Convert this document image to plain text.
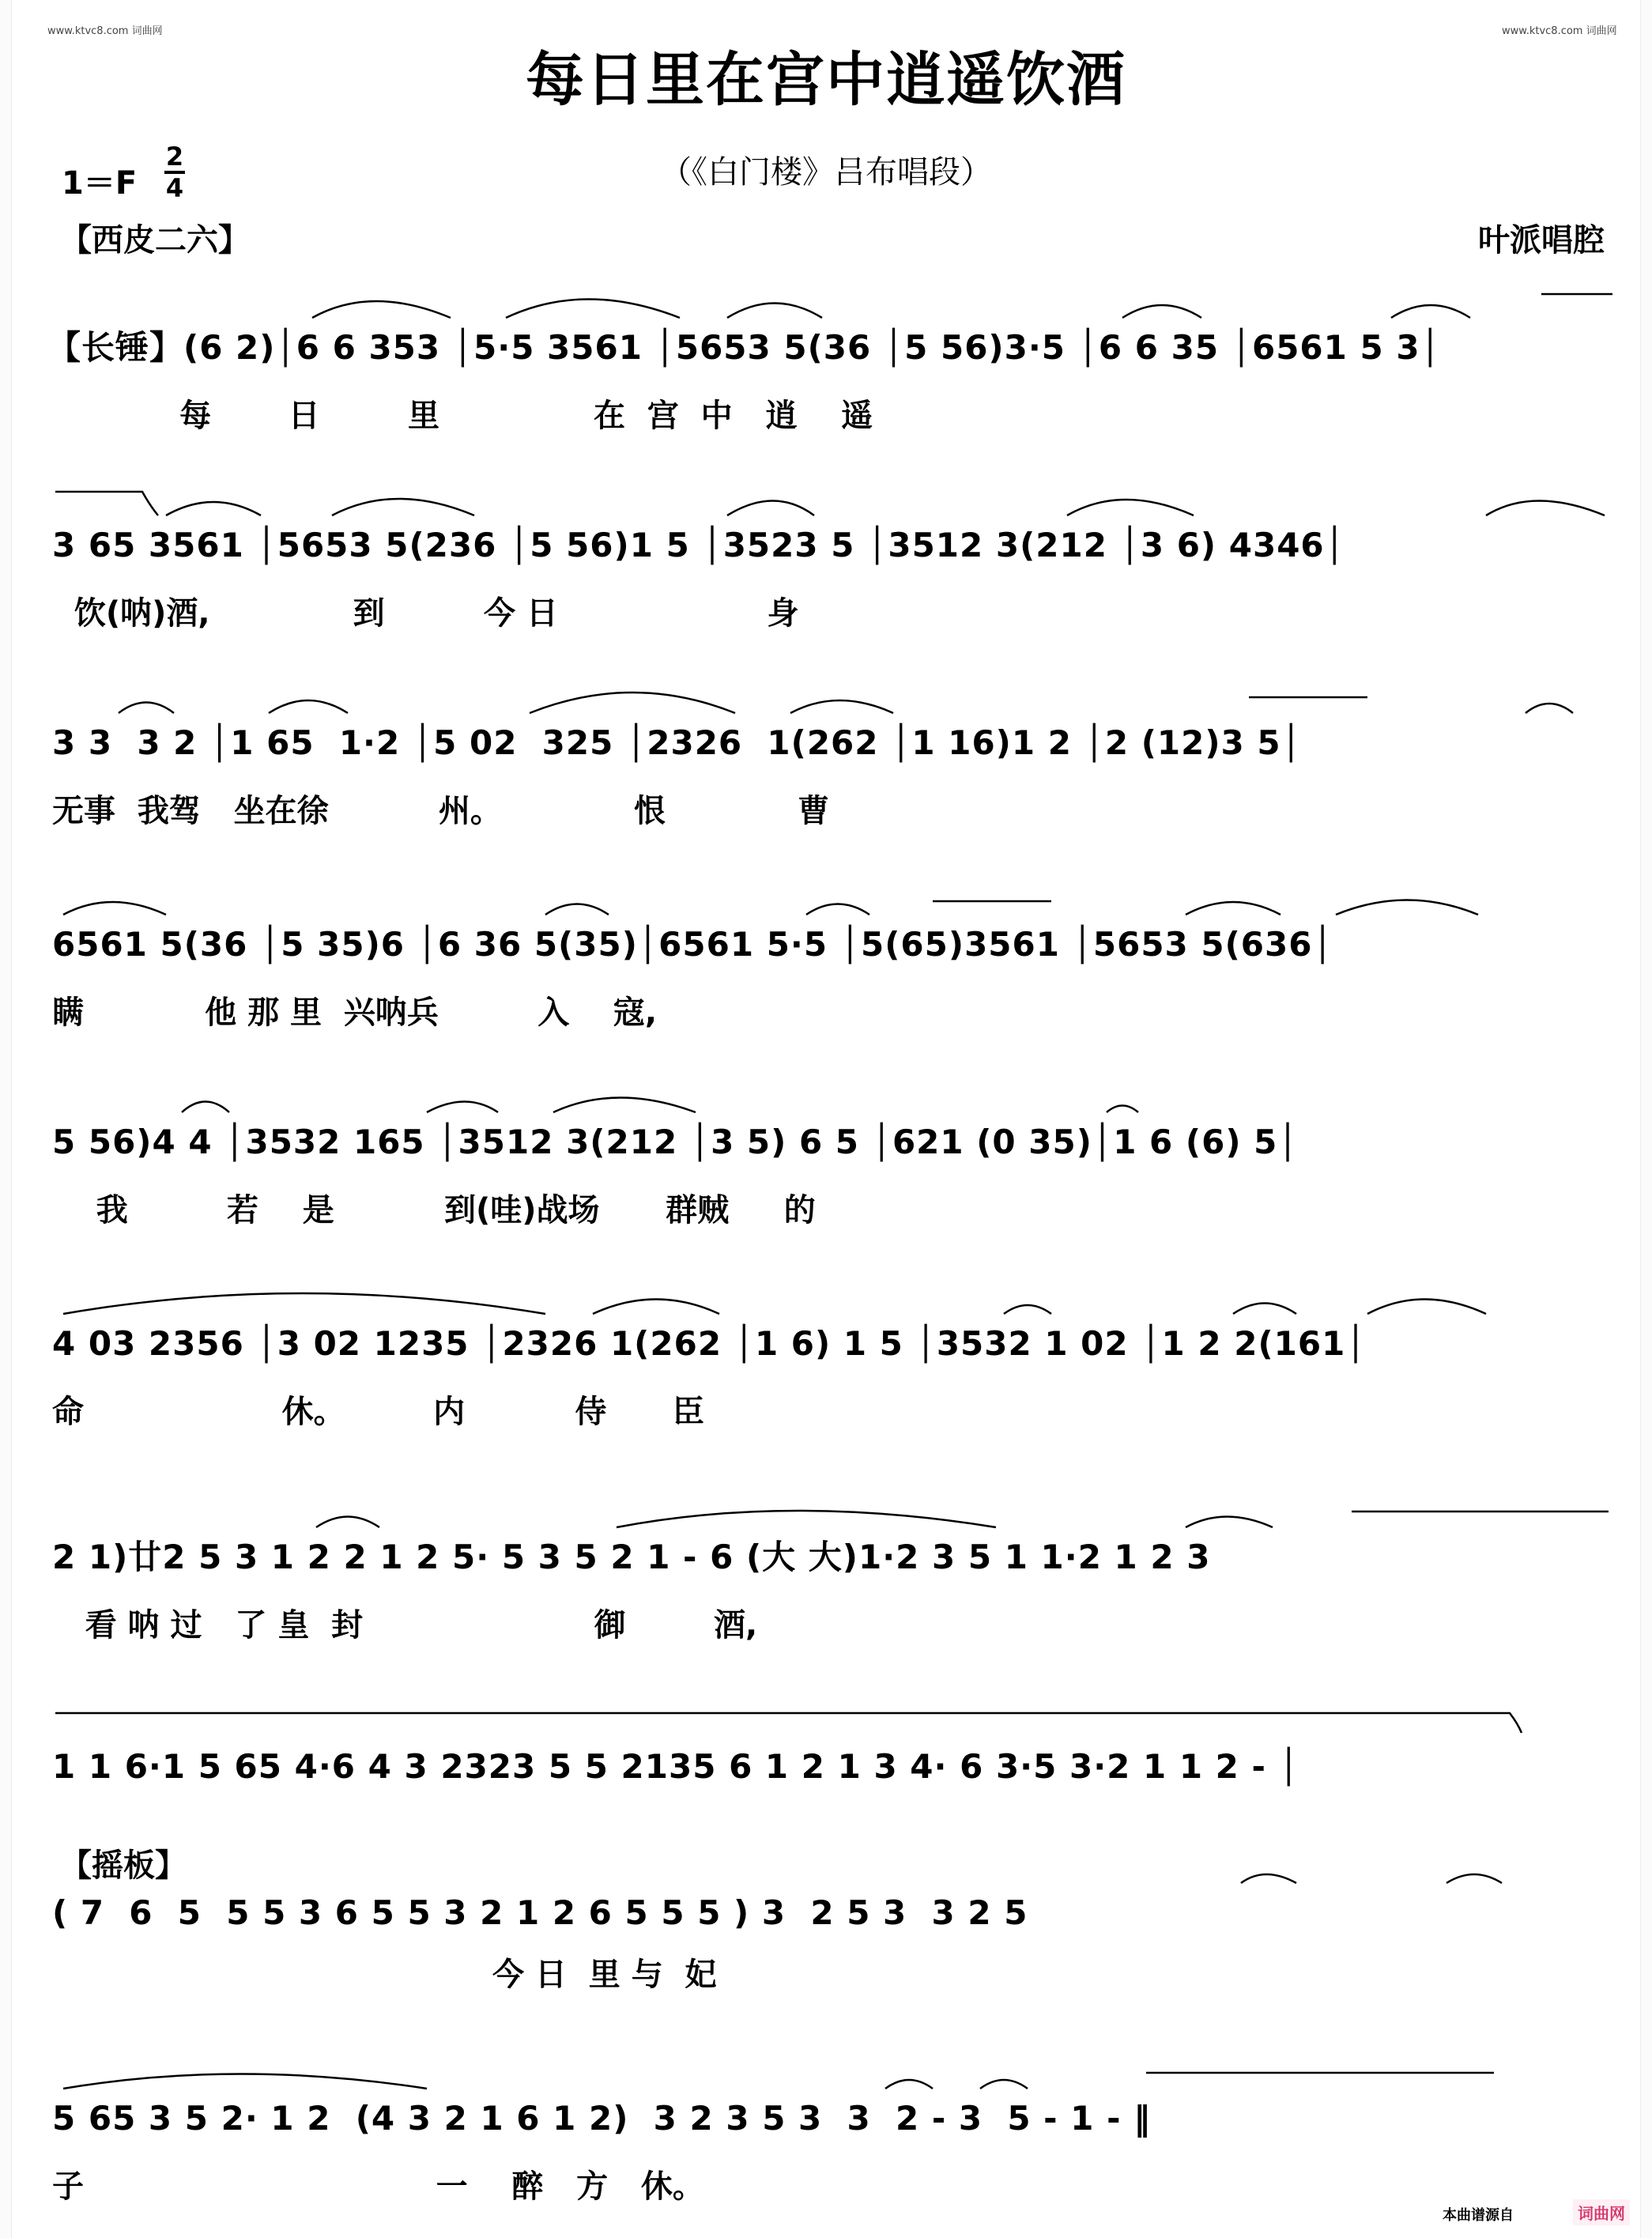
www.ktvc8.com 词曲网	www.ktvc8.com 词曲网
每日里在宫中逍遥饮酒
（《白门楼》吕布唱段）
1＝F
2
4
【西皮二六】	叶派唱腔
【长锤】(6 2)│6 6 353 │5·5 3561 │5653 5(36 │5 56)3·5 │6 6 35 │6561 5 3│
每       日        里              在  宫  中   逍    遥
3 65 3561 │5653 5(236 │5 56)1 5 │3523 5 │3512 3(212 │3 6) 4346│
饮(呐)酒,             到         今 日                   身
3 3  3 2 │1 65  1·2 │5 02  325 │2326  1(262 │1 16)1 2 │2 (12)3 5│
无事  我驾   坐在徐          州。            恨            曹
6561 5(36 │5 35)6 │6 36 5(35)│6561 5·5 │5(65)3561 │5653 5(636│
瞒           他 那 里  兴呐兵         入    寇,
5 56)4 4 │3532 165 │3512 3(212 │3 5) 6 5 │621 (0 35)│1 6 (6) 5│
我         若    是          到(哇)战场      群贼     的
4 03 2356 │3 02 1235 │2326 1(262 │1 6) 1 5 │3532 1 02 │1 2 2(161│
命                  休。        内          侍      臣
2 1)廿2 5 3 1 2 2 1 2 5· 5 3 5 2 1 - 6 (大 大)1·2 3 5 1 1·2 1 2 3
看 呐 过   了 皇  封                     御        酒,
1 1 6·1 5 65 4·6 4 3 2323 5 5 2135 6 1 2 1 3 4· 6 3·5 3·2 1 1 2 - │
【摇板】
( 7  6  5  5 5 3 6 5 5 3 2 1 2 6 5 5 5 ) 3  2 5 3  3 2 5
今 日  里 与  妃
5 65 3 5 2· 1 2  (4 3 2 1 6 1 2)  3 2 3 5 3  3  2 - 3  5 - 1 - ‖
子                                一    醉   方   休。
本曲谱源自	词曲网
